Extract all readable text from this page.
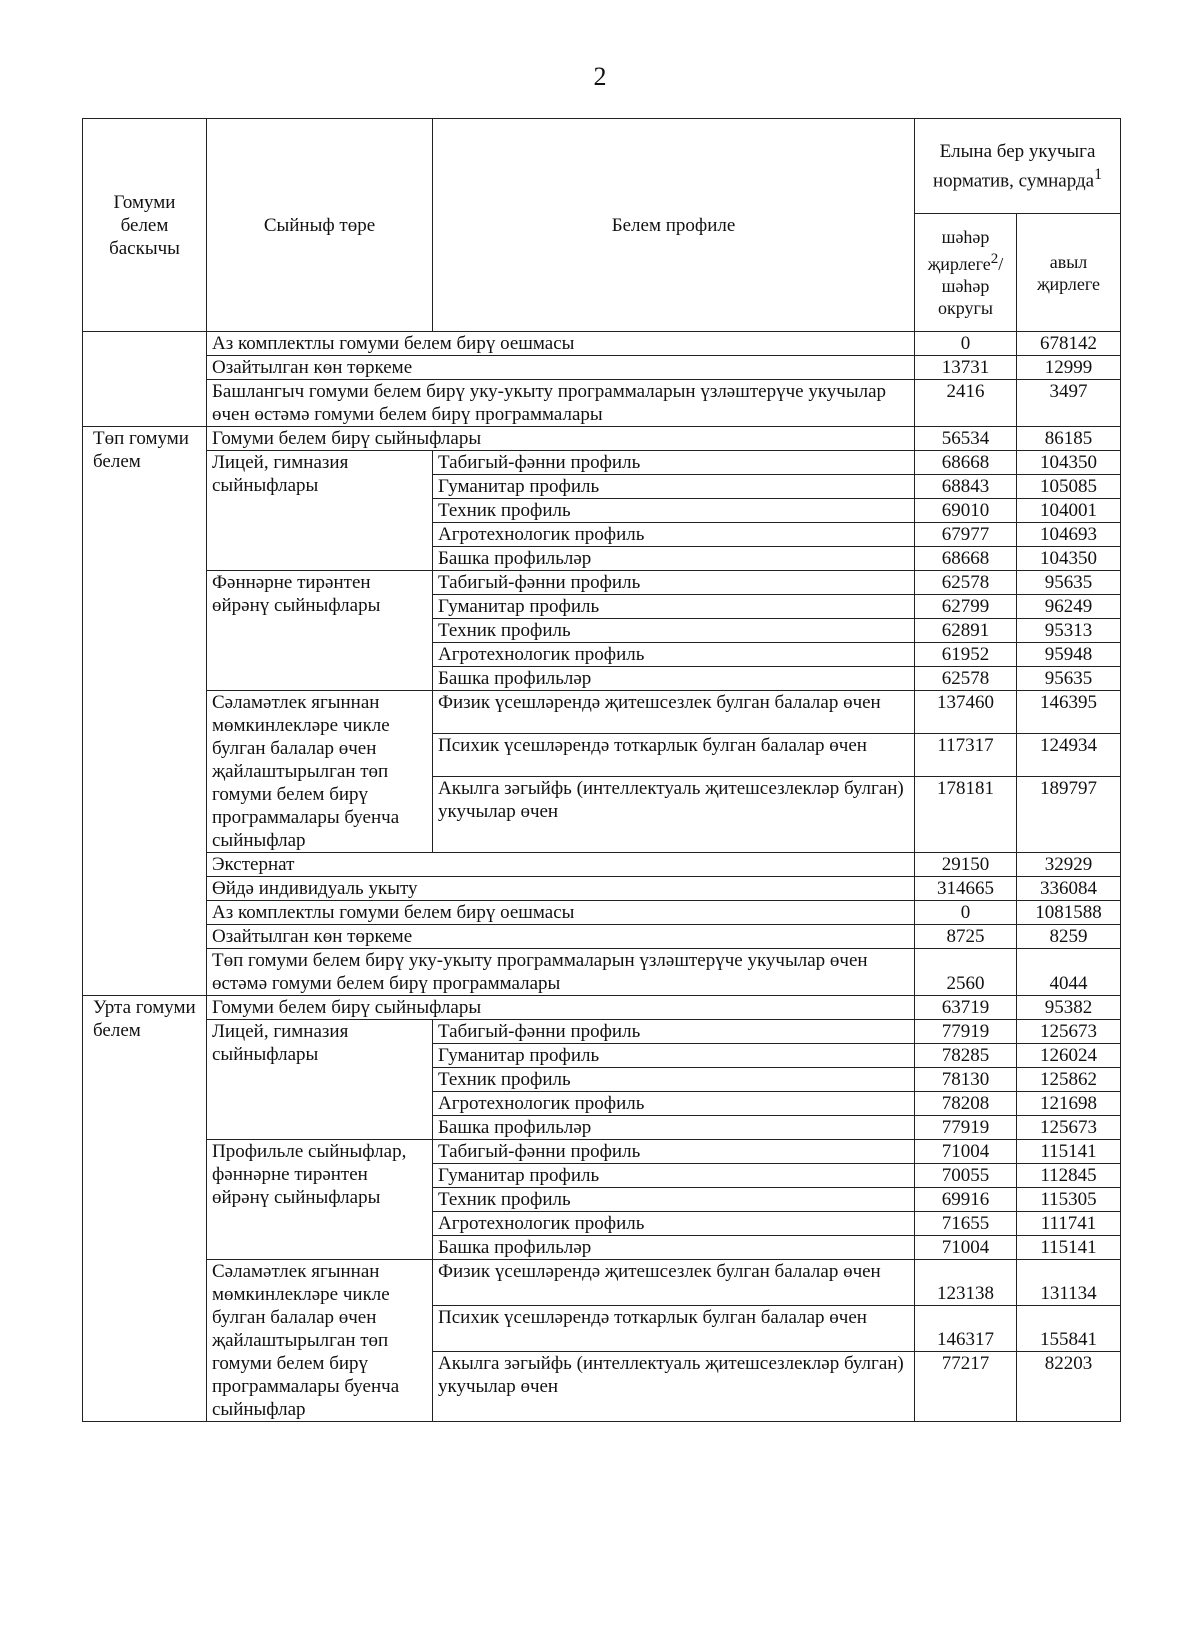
2
Гомуми белем баскычы	Сыйныф төре	Белем профиле	Елына бер укучыга норматив, сумнарда$^1$
			шәһәр җирлеге$^2$/ шәһәр округы	авыл җирлеге
	Аз комплектлы гомуми белем бирү оешмасы		0	678142
	Озайтылган көн төркеме		13731	12999
	Башлангыч гомуми белем бирү уку-укыту программаларын үзләштерүче укучылар өчен өстәмә гомуми белем бирү программалары		2416	3497
Төп гомуми белем	Гомуми белем бирү сыйныфлары		56534	86185
	Лицей, гимназия сыйныфлары	Табигый-фәнни профиль	68668	104350
		Гуманитар профиль	68843	105085
		Техник профиль	69010	104001
		Агротехнологик профиль	67977	104693
		Башка профильләр	68668	104350
	Фәннәрне тирәнтен өйрәнү сыйныфлары	Табигый-фәнни профиль	62578	95635
		Гуманитар профиль	62799	96249
		Техник профиль	62891	95313
		Агротехнологик профиль	61952	95948
		Башка профильләр	62578	95635
	Сәламәтлек ягыннан мөмкинлекләре чикле булган балалар өчен җайлаштырылган төп гомуми белем бирү программалары буенча сыйныфлар	Физик үсешләрендә җитешсезлек булган балалар өчен	137460	146395
		Психик үсешләрендә тоткарлык булган балалар өчен	117317	124934
		Акылга зәгыйфь (интеллектуаль җитешсезлекләр булган) укучылар өчен	178181	189797
	Экстернат		29150	32929
	Өйдә индивидуаль укыту		314665	336084
	Аз комплектлы гомуми белем бирү оешмасы		0	1081588
	Озайтылган көн төркеме		8725	8259
	Төп гомуми белем бирү уку-укыту программаларын үзләштерүче укучылар өчен өстәмә гомуми белем бирү программалары		2560	4044
Урта гомуми белем	Гомуми белем бирү сыйныфлары		63719	95382
	Лицей, гимназия сыйныфлары	Табигый-фәнни профиль	77919	125673
		Гуманитар профиль	78285	126024
		Техник профиль	78130	125862
		Агротехнологик профиль	78208	121698
		Башка профильләр	77919	125673
	Профильле сыйныфлар, фәннәрне тирәнтен өйрәнү сыйныфлары	Табигый-фәнни профиль	71004	115141
		Гуманитар профиль	70055	112845
		Техник профиль	69916	115305
		Агротехнологик профиль	71655	111741
		Башка профильләр	71004	115141
	Сәламәтлек ягыннан мөмкинлекләре чикле булган балалар өчен җайлаштырылган төп гомуми белем бирү программалары буенча сыйныфлар	Физик үсешләрендә җитешсезлек булган балалар өчен	123138	131134
		Психик үсешләрендә тоткарлык булган балалар өчен	146317	155841
		Акылга зәгыйфь (интеллектуаль җитешсезлекләр булган) укучылар өчен	77217	82203
